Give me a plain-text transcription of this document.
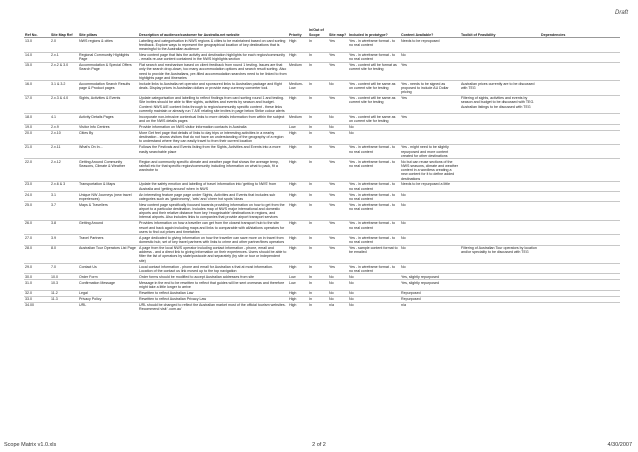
Draft
Ref No.	Site Map Ref	Site pillars	Description of audience/customer for Australia.net website	Priority	In/Out of Scope	Site map?	Included in prototype?	Content Available?	Toolkit of Feasibility	Dependencies
13.0	2.0	NWS regions & cities	Labelling and categorisation in NWS regions & cities to be maintained based on card sorting feedback. Explore ways to represent the geographical location of key destinations that is meaningful to the Australian audience	High	In	Yes	Yes - in wireframe format - to no real content	Needs to be reproposed		
14.0	2.x.1	Regional Community Highlights Page	New content page that lists the activity and destination highlights for each region/community - emails re-use content contained in the NWS highlights section	High	In	Yes	Yes - in wireframe format - to no real content	No		
15.0	2.x.2 & 3.0	Accommodation & Special Offers Search Page	Flat search and mechanism based on client feedback from round 1 testing. Issues are that only the search drop-down, too many accommodation options and search result sorting. Also need to provide the Australians, pre-filled accommodation searches need to be linked to from highlights page and itineraries	Medium	In	Yes	Yes - content will be format as current site for testing	Yes		
16.0	3.1 & 3.2	Accommodation Search Results page & Product pages	Include links to Australia.net operator and sponsored links to Australian package and flight deals. Display prices in Australian dollars or provide easy currency converter tool.	Medium-Low	In	No	Yes - content will be same as on current site for testing	Yes - needs to be signed as proposed to include AU Dollar pricing	Australian prices currently are to be discussed with TEG	
17.0	2.x.3 & 4.0	Sights, Activities & Events	Update categorisation and labelling to reflect findings from card sorting round 1 and testing. Site invites should be able to filter sights, activities and events by season and budget. Content: NWS A/E content links through to region/community specific content - these links currently maintain or already run 7 A/E relating site invites in page below Strike colour alerts	High	In	Yes	Yes - content will be same as current site for testing	Yes	Filtering of sights, activities and events by season and budget to be discussed with TEG. Australian listings to be discussed with TEG	
18.0	4.1	Activity Details Pages	Incorporate non-intrusive contextual links to more details information from within the subject and on the NWS details pages	Medium	In	No	Yes - content will be same as on current site for testing	Yes		
19.0	2.x.9	Visitor Info Centres	Provide information on NWS visitor information contacts in Australia	Low	In	No	No			
20.0	2.x.10	Cities By	More Get feel page that details of links to day trips or interesting activities in a nearby destination - shows visitors that do not have an understanding of the geography of a region to understand where they can easily travel to from their current location	High	In	Yes	No			
21.0	2.x.11	What's On In...	Follows the Festivals and Events listing from the Sights, Activities and Events into a more easily searchable place	High	In	Yes	Yes - in wireframe format - to no real content	Yes - might need to be slightly repurposed and more content created for other destinations		
22.0	2.x.12	Getting Around Community Seasons, Climate & Weather	Region and community specific climate and weather page that shows the average temp, rainfall etc for that specific region/community including information on what to pack, fit a wardrobe to	High	In	Yes	Yes - in wireframe format - to no real content	No but can reuse sections of the NWS seasons, climate and weather content in a wordless creating a new content for it to define added destinations		
23.0	2.x.6 & 3	Transportation & Maps	Update the safety emotion and labelling of travel information into 'getting to NWS' from Australia and 'getting around' when in NWS	High	In	Yes	Yes - in wireframe format - to no real content	Needs to be repurposed a little		
24.0	3.1	Unique NW Journeys (new travel experiences)	An interesting feature page page under Sights, Activities and Events that includes sub categories such as 'gastronomy', 'arts' and 'cheer hot spots' ideas	High	In	Yes	Yes - in wireframe format - to no real content	No		
25.0	3.7	Maps & Travellers	New content page specifically focused towards providing information on how to get from the airport to a particular destination. Includes map of NWS major international and domestic airports and their relative distance from key 'recognisable' destinations in regions, and Internal airports. Also includes links to companies that provide airport transport services	High	In	Yes	Yes - in wireframe format - to no real content	No		
26.0	3.8	Getting Around	Provides information on how a traveller can get from the closest transport hub to the site resort and back again including maps and links to comparable with all/stations operators for users to find out prices and timetables	High	In	Yes	Yes - in wireframe format - to no real content	No		
27.0	3.9	Travel Partners	A page dedicated to giving information on how the traveller can save more on in travel from domestic hub, set of key travel partners with links to crime and other partner/lines operators	High	In	Yes	Yes - in wireframe format - to no real content	No		
28.0	8.0	Australian Tour Operators List Page	A page from the local NWS operator including contact information - phone, email and address - and a direct link to giving information on their experiences. Users should be able to filter the list of operators by state/postcode and separately (by site or tour or independent site)	High	In	Yes	Yes - sample content format to be emailed	No	Filtering of Australian Tour operators by location and/or speciality to be discussed with TEG	
29.0	7.0	Contact Us	Local contact information - phone and email for Australian s that at most information. Location of the contact us link moved up to the top navigation	High	In	Yes	Yes - in wireframe format - to no real content	No		
30.0	10.0	Order Form	Order forms should be modified to accept Australian addresses from site	Low	In	No	No	Yes, slightly repurposed		
31.0	10.3	Confirmation Message	Message in the end to be rewritten to reflect that guides will be sent overseas and therefore might take a little longer to arrive	Low	In	No	No	Yes, slightly repurposed		
32.0	11.2	Legal	Rewritten to reflect Australian Law	High	In	No	No	Repurposed		
33.0	11.3	Privacy Policy	Rewritten to reflect Australian Privacy Law	High	In	No	No	Repurposed		
34.00		URL	URL should be changed to reflect the Australian market most of the official tourism websites. Recommend visit '.com.au'	High	In	n/a	No	n/a		
Scope Matrix v1.0.xls	2 of 2	4/30/2007
